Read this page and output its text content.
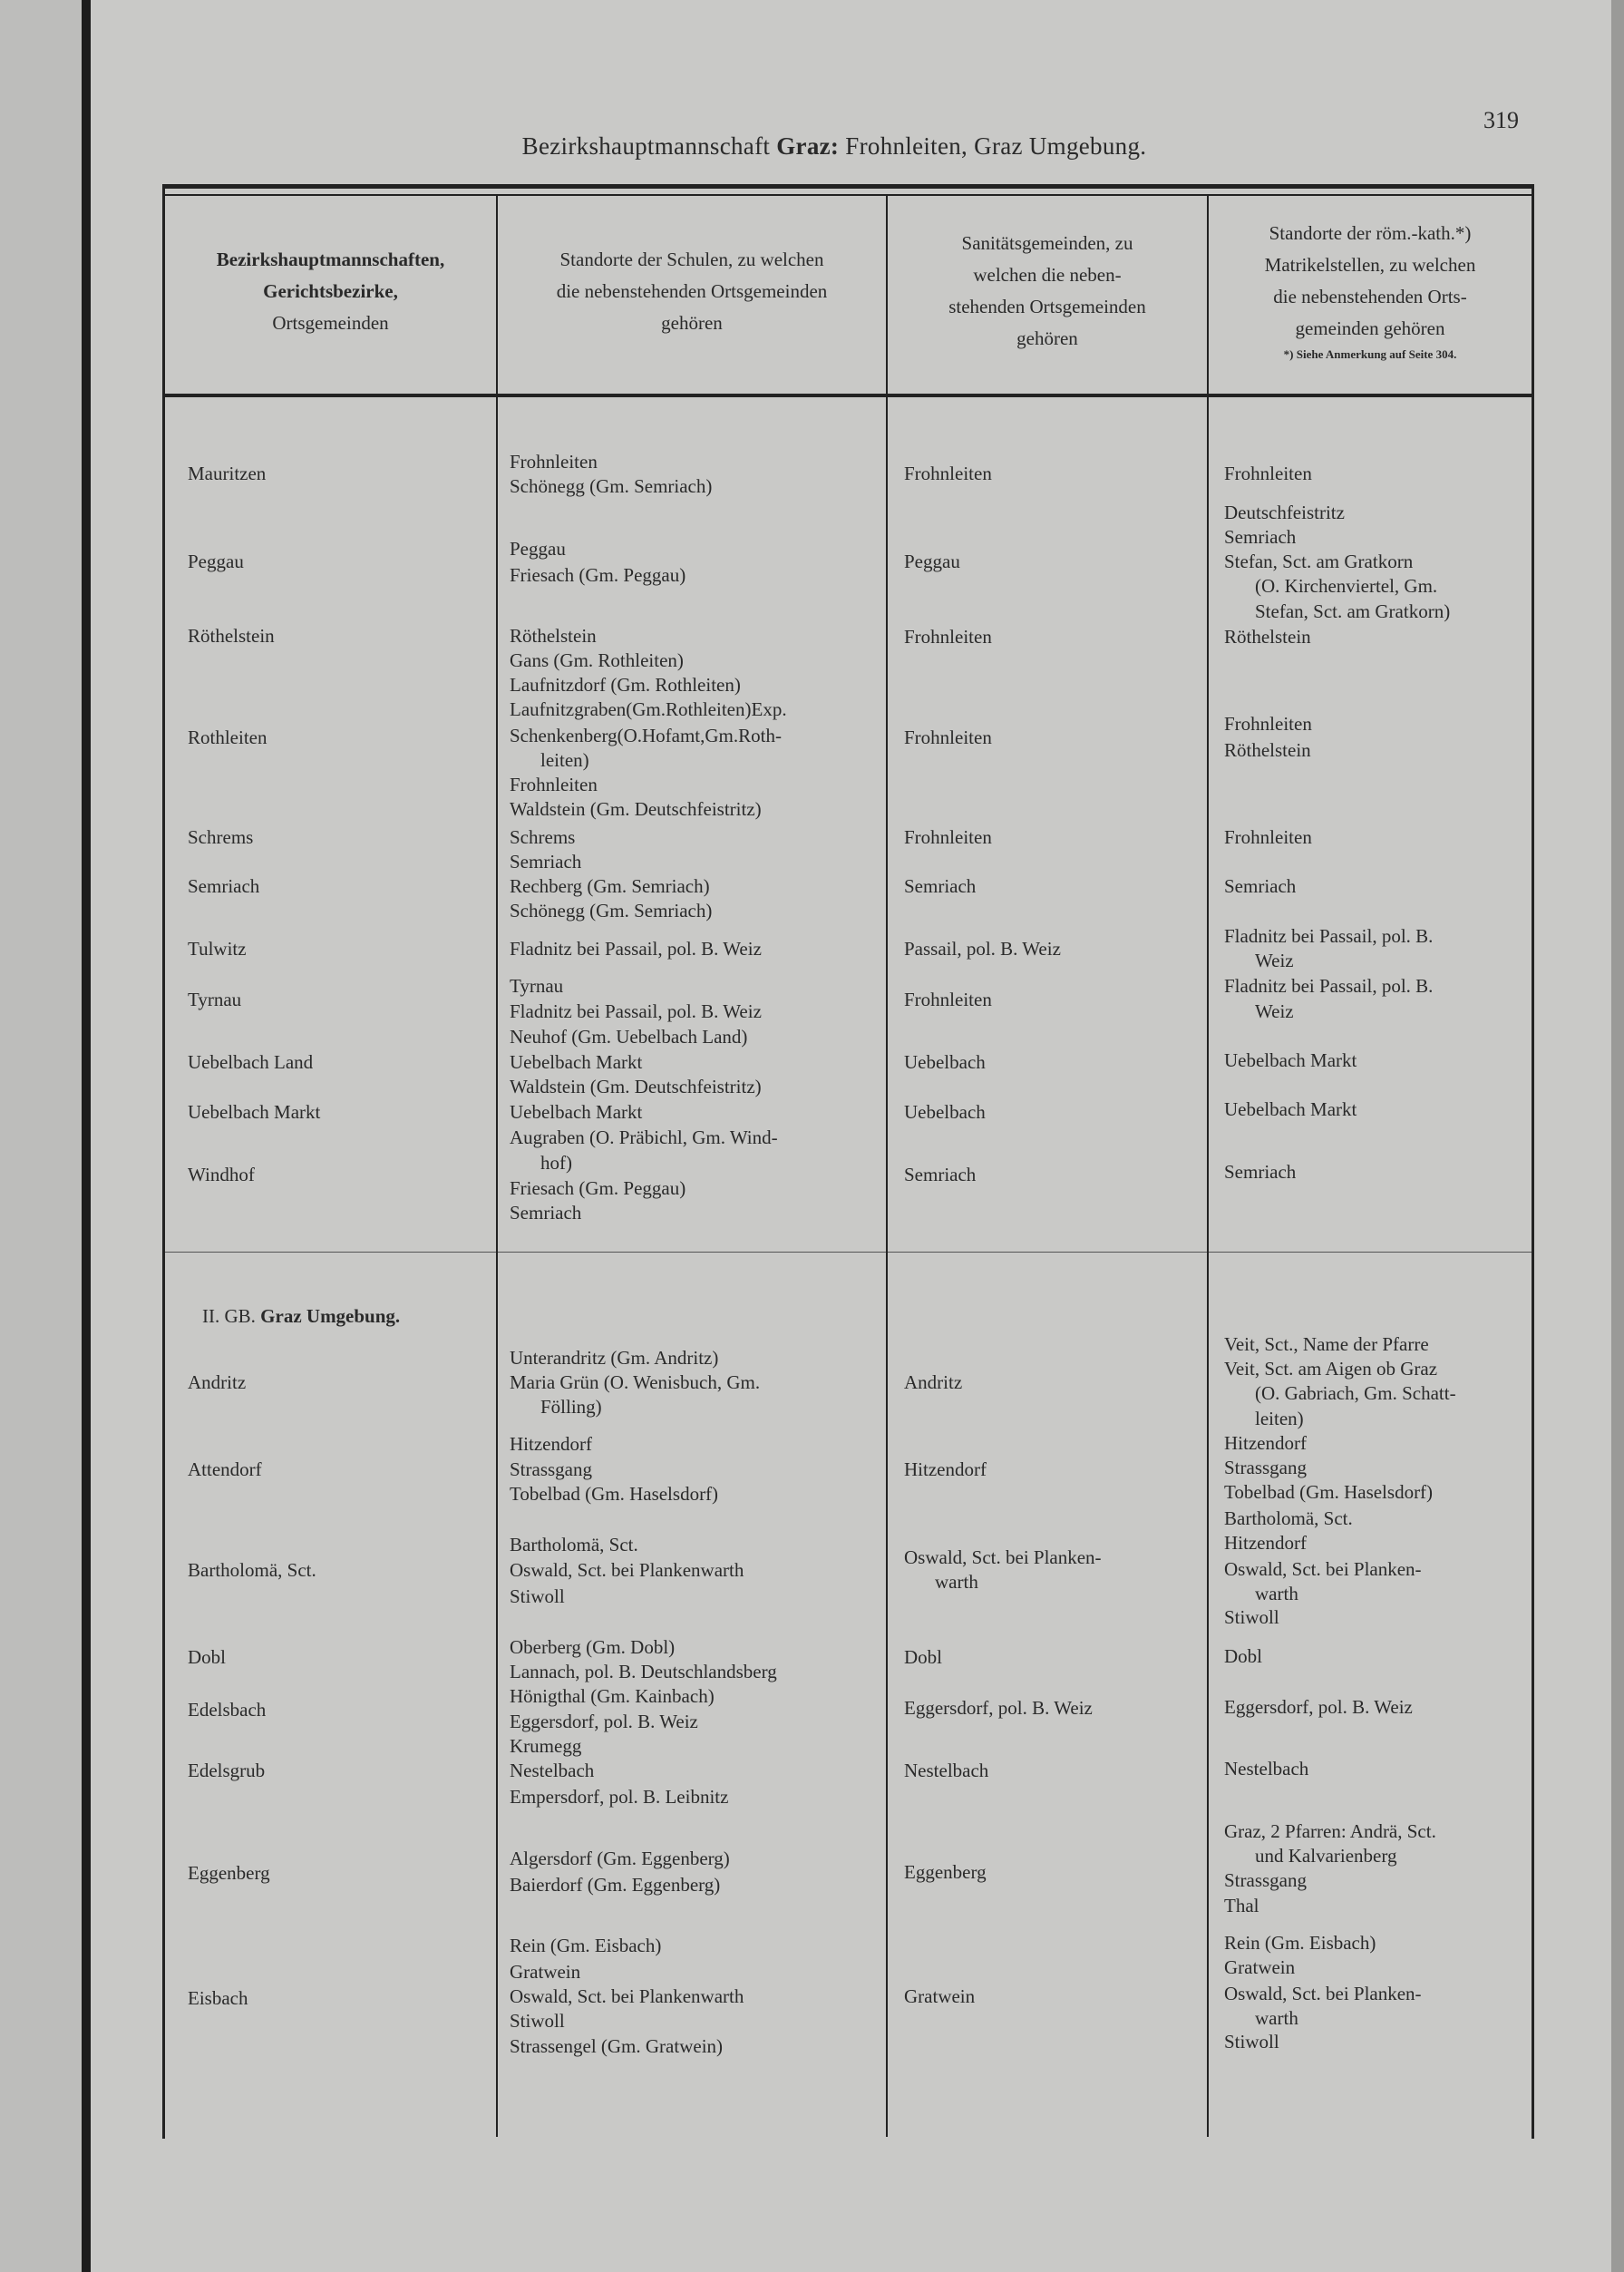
Bezirkshauptmannschaft Graz: Frohnleiten, Graz Umgebung.
319
Bezirkshauptmannschaften,
Gerichtsbezirke,
Ortsgemeinden
Standorte der Schulen, zu welchen
die nebenstehenden Ortsgemeinden
gehören
Sanitätsgemeinden, zu
welchen die neben-
stehenden Ortsgemeinden
gehören
Standorte der röm.-kath.*)
Matrikelstellen, zu welchen
die nebenstehenden Orts-
gemeinden gehören
*) Siehe Anmerkung auf Seite 304.
II. GB. Graz Umgebung.
Mauritzen
Peggau
Röthelstein
Rothleiten
Schrems
Semriach
Tulwitz
Tyrnau
Uebelbach Land
Uebelbach Markt
Windhof
Andritz
Attendorf
Bartholomä, Sct.
Dobl
Edelsbach
Edelsgrub
Eggenberg
Eisbach
Frohnleiten
Schönegg (Gm. Semriach)
Peggau
Friesach (Gm. Peggau)
Röthelstein
Gans (Gm. Rothleiten)
Laufnitzdorf (Gm. Rothleiten)
Laufnitzgraben(Gm.Rothleiten)Exp.
Schenkenberg(O.Hofamt,Gm.Roth-
leiten)
Frohnleiten
Waldstein (Gm. Deutschfeistritz)
Schrems
Semriach
Rechberg (Gm. Semriach)
Schönegg (Gm. Semriach)
Fladnitz bei Passail, pol. B. Weiz
Tyrnau
Fladnitz bei Passail, pol. B. Weiz
Neuhof (Gm. Uebelbach Land)
Uebelbach Markt
Waldstein (Gm. Deutschfeistritz)
Uebelbach Markt
Augraben (O. Präbichl, Gm. Wind-
hof)
Friesach (Gm. Peggau)
Semriach
Unterandritz (Gm. Andritz)
Maria Grün (O. Wenisbuch, Gm.
Fölling)
Hitzendorf
Strassgang
Tobelbad (Gm. Haselsdorf)
Bartholomä, Sct.
Oswald, Sct. bei Plankenwarth
Stiwoll
Oberberg (Gm. Dobl)
Lannach, pol. B. Deutschlandsberg
Hönigthal (Gm. Kainbach)
Eggersdorf, pol. B. Weiz
Krumegg
Nestelbach
Empersdorf, pol. B. Leibnitz
Algersdorf (Gm. Eggenberg)
Baierdorf (Gm. Eggenberg)
Rein (Gm. Eisbach)
Gratwein
Oswald, Sct. bei Plankenwarth
Stiwoll
Strassengel (Gm. Gratwein)
Frohnleiten
Peggau
Frohnleiten
Frohnleiten
Frohnleiten
Semriach
Passail, pol. B. Weiz
Frohnleiten
Uebelbach
Uebelbach
Semriach
Andritz
Hitzendorf
Oswald, Sct. bei Planken-
warth
Dobl
Eggersdorf, pol. B. Weiz
Nestelbach
Eggenberg
Gratwein
Frohnleiten
Deutschfeistritz
Semriach
Stefan, Sct. am Gratkorn
(O. Kirchenviertel, Gm.
Stefan, Sct. am Gratkorn)
Röthelstein
Frohnleiten
Röthelstein
Frohnleiten
Semriach
Fladnitz bei Passail, pol. B.
Weiz
Fladnitz bei Passail, pol. B.
Weiz
Uebelbach Markt
Uebelbach Markt
Semriach
Veit, Sct., Name der Pfarre
Veit, Sct. am Aigen ob Graz
(O. Gabriach, Gm. Schatt-
leiten)
Hitzendorf
Strassgang
Tobelbad (Gm. Haselsdorf)
Bartholomä, Sct.
Hitzendorf
Oswald, Sct. bei Planken-
warth
Stiwoll
Dobl
Eggersdorf, pol. B. Weiz
Nestelbach
Graz, 2 Pfarren: Andrä, Sct.
und Kalvarienberg
Strassgang
Thal
Rein (Gm. Eisbach)
Gratwein
Oswald, Sct. bei Planken-
warth
Stiwoll
